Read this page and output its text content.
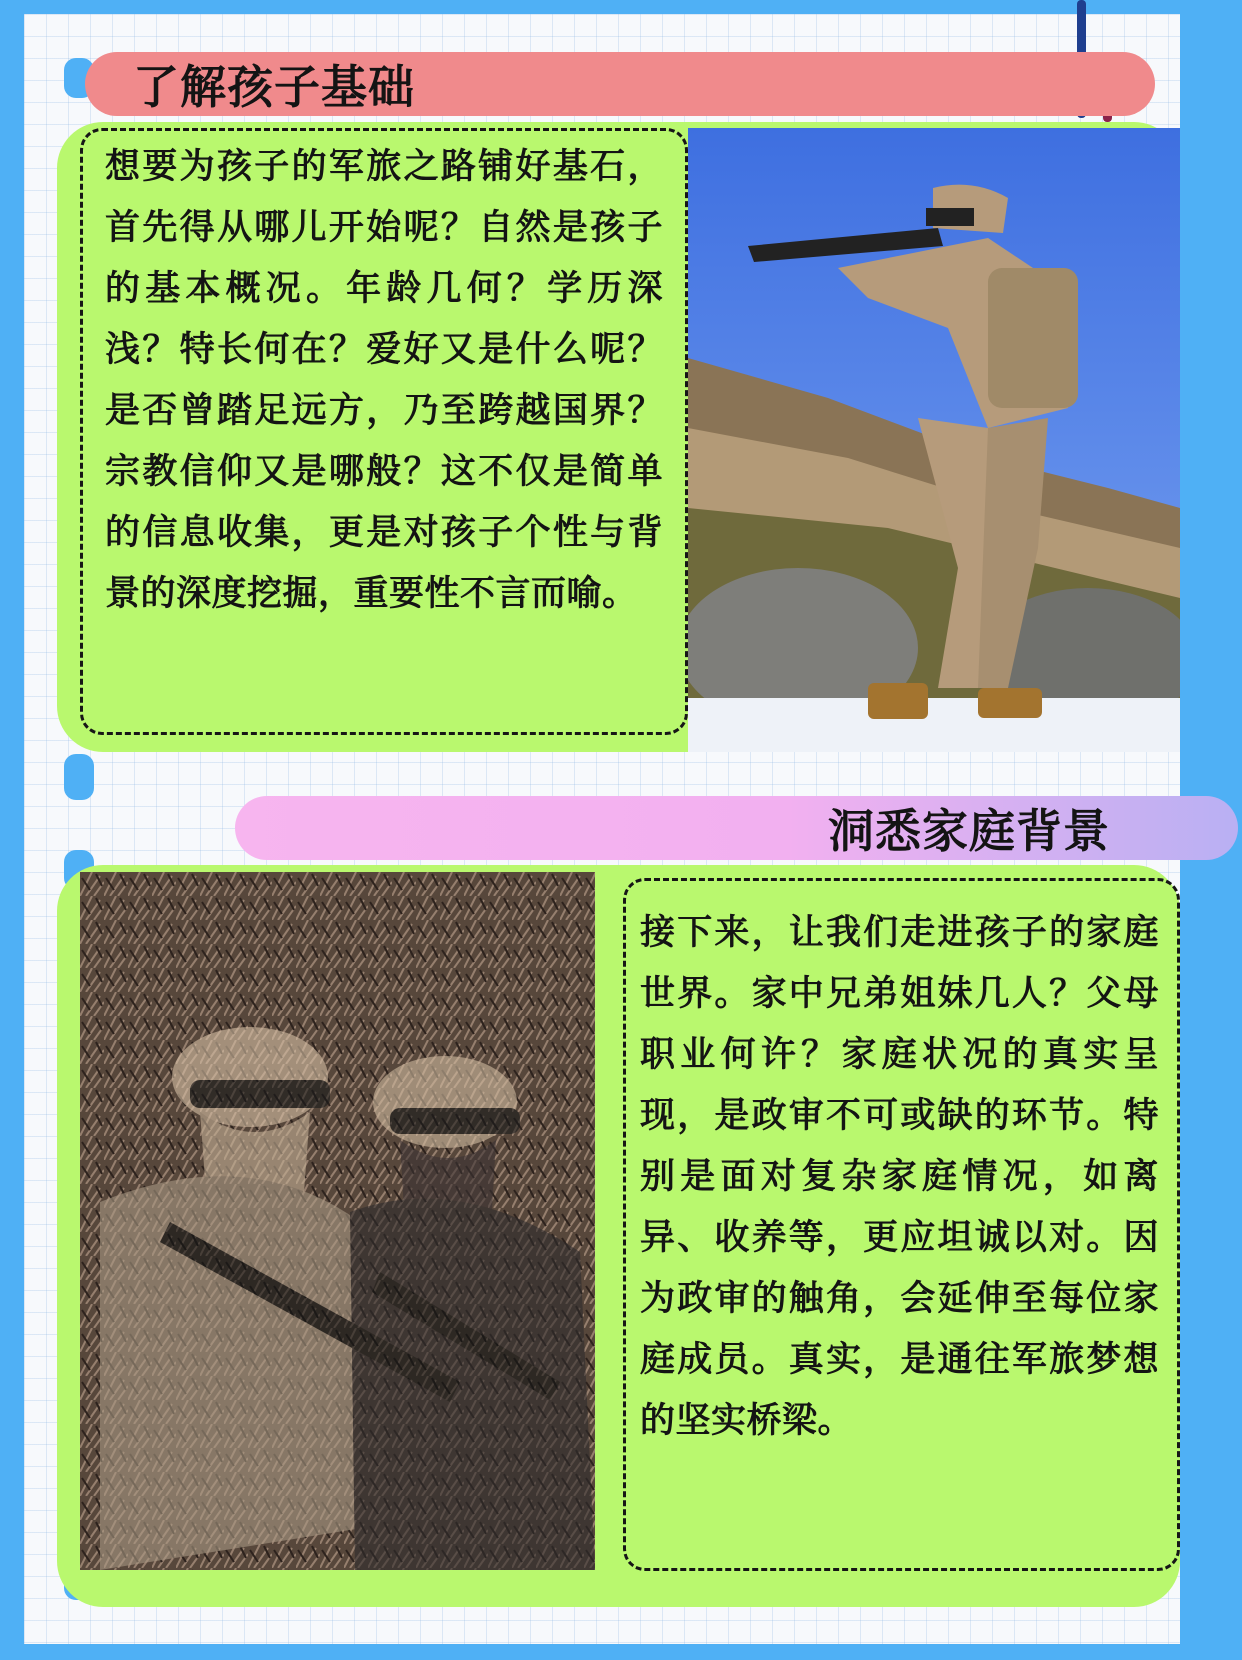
了解孩子基础

想要为孩子的军旅之路铺好基石，首先得从哪儿开始呢？自然是孩子的基本概况。年龄几何？学历深浅？特长何在？爱好又是什么呢？是否曾踏足远方，乃至跨越国界？宗教信仰又是哪般？这不仅是简单的信息收集，更是对孩子个性与背景的深度挖掘，重要性不言而喻。

洞悉家庭背景

接下来，让我们走进孩子的家庭世界。家中兄弟姐妹几人？父母职业何许？家庭状况的真实呈现，是政审不可或缺的环节。特别是面对复杂家庭情况，如离异、收养等，更应坦诚以对。因为政审的触角，会延伸至每位家庭成员。真实，是通往军旅梦想的坚实桥梁。
